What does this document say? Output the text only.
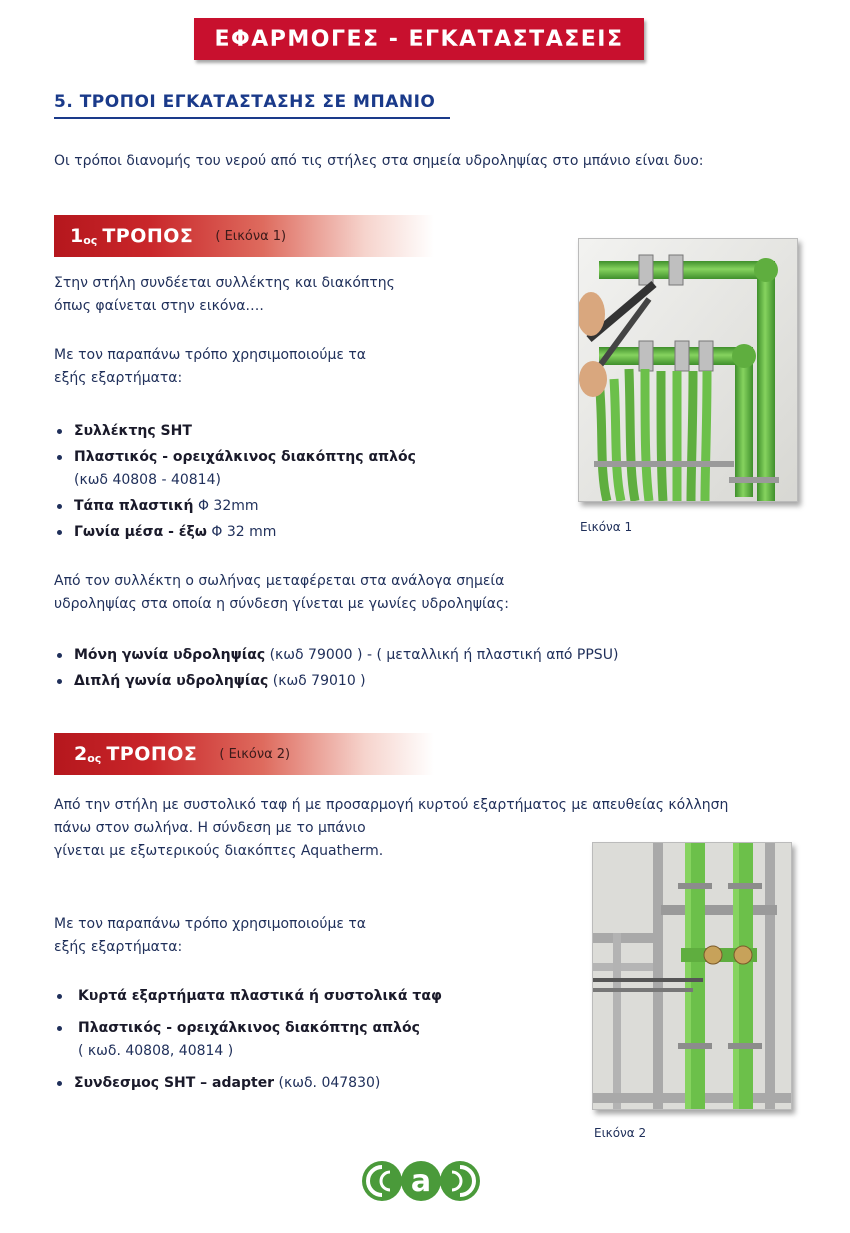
ΕΦΑΡΜΟΓΕΣ - ΕΓΚΑΤΑΣΤΑΣΕΙΣ
5. ΤΡΟΠΟΙ ΕΓΚΑΤΑΣΤΑΣΗΣ ΣΕ ΜΠΑΝΙΟ
Οι τρόποι διανομής του νερού από τις στήλες στα σημεία υδροληψίας στο μπάνιο είναι δυο:
1 ος ΤΡΟΠΟΣ ( Εικόνα 1)
Στην στήλη συνδέεται συλλέκτης και διακόπτης
όπως φαίνεται στην εικόνα….
Με τον παραπάνω τρόπο χρησιμοποιούμε τα
εξής εξαρτήματα:
Συλλέκτης SHT
Πλαστικός - ορειχάλκινος διακόπτης απλός
(κωδ 40808 - 40814)
Τάπα πλαστική Φ 32mm
Γωνία μέσα - έξω Φ 32 mm
Από τον συλλέκτη ο σωλήνας μεταφέρεται στα ανάλογα σημεία
υδροληψίας στα οποία η σύνδεση γίνεται με γωνίες υδροληψίας:
Μόνη γωνία υδροληψίας (κωδ 79000 ) - ( μεταλλική ή πλαστική από PPSU)
Διπλή γωνία υδροληψίας (κωδ 79010 )
Εικόνα 1
2 ος ΤΡΟΠΟΣ ( Εικόνα 2)
Από την στήλη με συστολικό ταφ ή με προσαρμογή κυρτού εξαρτήματος με απευθείας κόλληση
πάνω στον σωλήνα. Η σύνδεση με το μπάνιο
γίνεται με εξωτερικούς διακόπτες Aquatherm.
Με τον παραπάνω τρόπο χρησιμοποιούμε τα
εξής εξαρτήματα:
Κυρτά εξαρτήματα πλαστικά ή συστολικά ταφ
Πλαστικός - ορειχάλκινος διακόπτης απλός
( κωδ. 40808, 40814 )
Συνδεσμος SHT – adapter (κωδ. 047830)
Εικόνα 2
a
